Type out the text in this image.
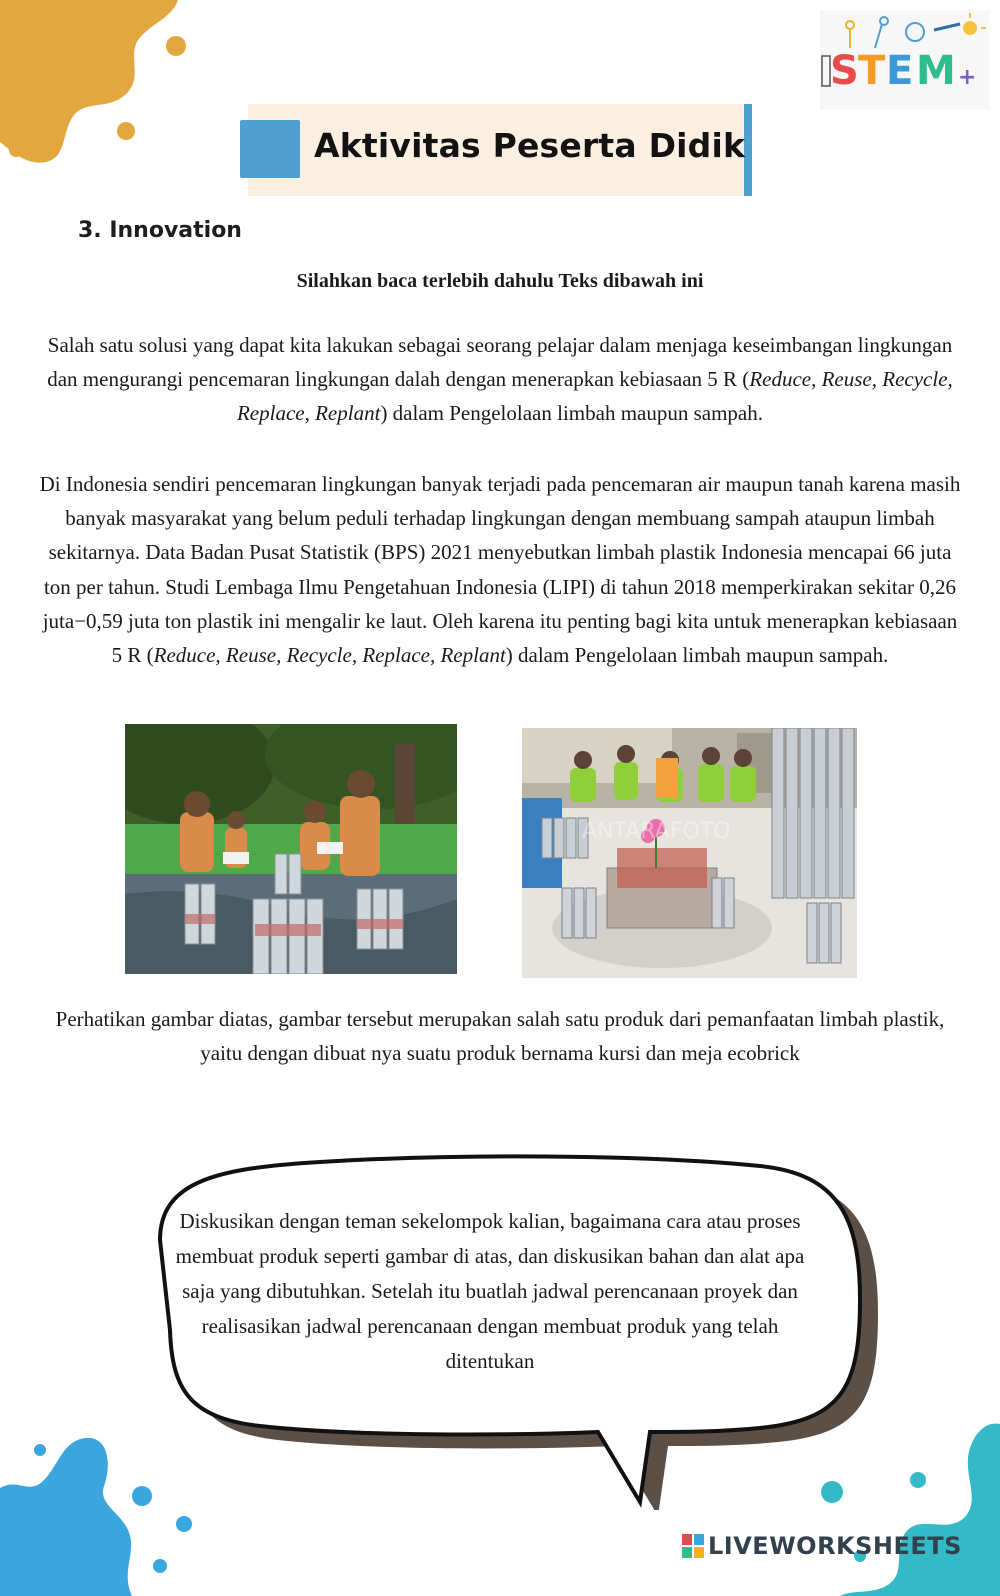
S T E M +
Aktivitas Peserta Didik
3. Innovation
Silahkan baca terlebih dahulu Teks dibawah ini
Salah satu solusi yang dapat kita lakukan sebagai seorang pelajar dalam menjaga keseimbangan lingkungan dan mengurangi pencemaran lingkungan dalah dengan menerapkan kebiasaan 5 R (Reduce, Reuse, Recycle, Replace, Replant) dalam Pengelolaan limbah maupun sampah.
Di Indonesia sendiri pencemaran lingkungan banyak terjadi pada pencemaran air maupun tanah karena masih banyak masyarakat yang belum peduli terhadap lingkungan dengan membuang sampah ataupun limbah sekitarnya. Data Badan Pusat Statistik (BPS) 2021 menyebutkan limbah plastik Indonesia mencapai 66 juta ton per tahun. Studi Lembaga Ilmu Pengetahuan Indonesia (LIPI) di tahun 2018 memperkirakan sekitar 0,26 juta−0,59 juta ton plastik ini mengalir ke laut. Oleh karena itu penting bagi kita untuk menerapkan kebiasaan 5 R (Reduce, Reuse, Recycle, Replace, Replant) dalam Pengelolaan limbah maupun sampah.
ANTARAFOTO
Perhatikan gambar diatas, gambar tersebut merupakan salah satu produk dari pemanfaatan limbah plastik, yaitu dengan dibuat nya suatu produk bernama kursi dan meja ecobrick
Diskusikan dengan teman sekelompok kalian, bagaimana cara atau proses membuat produk seperti gambar di atas, dan diskusikan bahan dan alat apa saja yang dibutuhkan. Setelah itu buatlah jadwal perencanaan proyek dan realisasikan jadwal perencanaan dengan membuat produk yang telah ditentukan
LIVEWORKSHEETS
